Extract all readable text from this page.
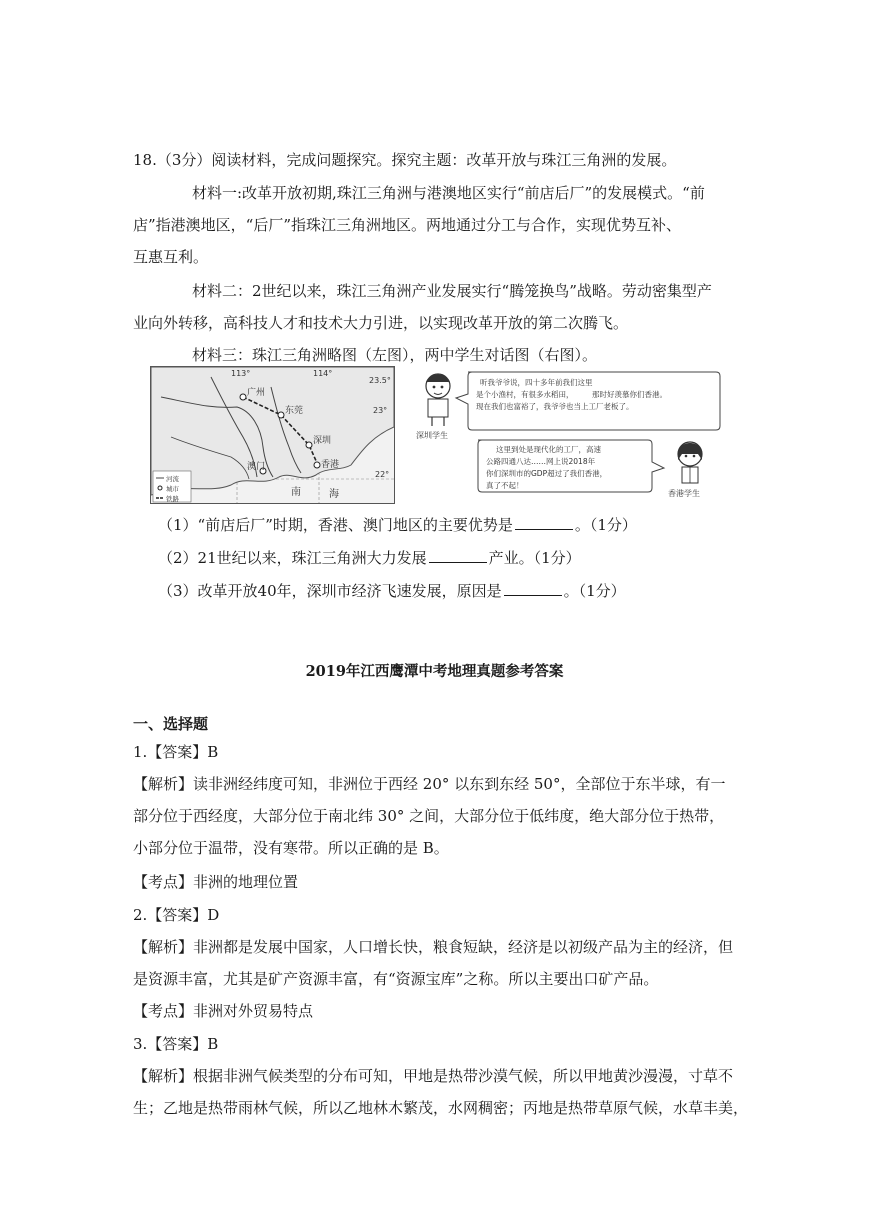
18.（3分）阅读材料，完成问题探究。探究主题：改革开放与珠江三角洲的发展。
材料一:改革开放初期,珠江三角洲与港澳地区实行“前店后厂”的发展模式。“前
店”指港澳地区，“后厂”指珠江三角洲地区。两地通过分工与合作，实现优势互补、
互惠互利。
材料二：2世纪以来，珠江三角洲产业发展实行“腾笼换鸟”战略。劳动密集型产
业向外转移，高科技人才和技术大力引进，以实现改革开放的第二次腾飞。
材料三：珠江三角洲略图（左图），两中学生对话图（右图）。
113°	114°
23.5°
23°
22°
广州
东莞
深圳
香港
澳门
南	海
河流
城市
铁路
深圳学生
听我爷爷说，四十多年前我们这里
是个小渔村，有很多水稻田， 那时好羡慕你们香港。
现在我们也富裕了，我爷爷也当上工厂老板了。
这里到处是现代化的工厂，高速
公路四通八达……网上说2018年
你们深圳市的GDP超过了我们香港，
真了不起！
香港学生
（1）“前店后厂”时期，香港、澳门地区的主要优势是	。（1分）
（2）21世纪以来，珠江三角洲大力发展	产业。（1分）
（3）改革开放40年，深圳市经济飞速发展，原因是	。（1分）
2019年江西鹰潭中考地理真题参考答案
一、选择题
1.【答案】B
【解析】读非洲经纬度可知，非洲位于西经 20° 以东到东经 50°，全部位于东半球，有一
部分位于西经度，大部分位于南北纬 30° 之间，大部分位于低纬度，绝大部分位于热带，
小部分位于温带，没有寒带。所以正确的是 B。
【考点】非洲的地理位置
2.【答案】D
【解析】非洲都是发展中国家，人口增长快，粮食短缺，经济是以初级产品为主的经济，但
是资源丰富，尤其是矿产资源丰富，有“资源宝库”之称。所以主要出口矿产品。
【考点】非洲对外贸易特点
3.【答案】B
【解析】根据非洲气候类型的分布可知，甲地是热带沙漠气候，所以甲地黄沙漫漫，寸草不
生；乙地是热带雨林气候，所以乙地林木繁茂，水网稠密；丙地是热带草原气候，水草丰美，
